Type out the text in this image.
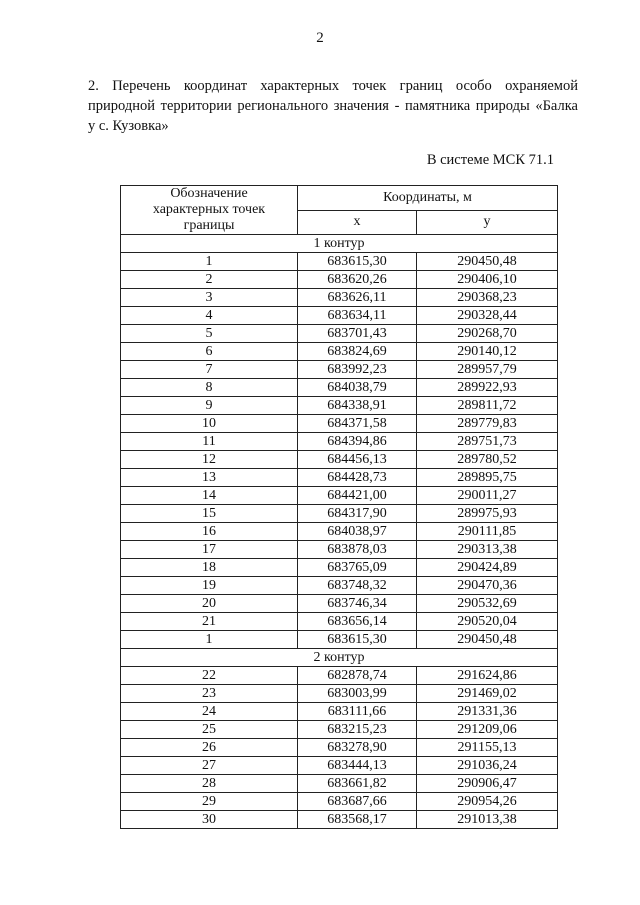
2
2. Перечень координат характерных точек границ особо охраняемой
природной территории регионального значения - памятника природы «Балка
у с. Кузовка»
В системе МСК 71.1
Обозначение
характерных точек
границы	Координаты, м	
	x	y
1 контур		
1	683615,30	290450,48
2	683620,26	290406,10
3	683626,11	290368,23
4	683634,11	290328,44
5	683701,43	290268,70
6	683824,69	290140,12
7	683992,23	289957,79
8	684038,79	289922,93
9	684338,91	289811,72
10	684371,58	289779,83
11	684394,86	289751,73
12	684456,13	289780,52
13	684428,73	289895,75
14	684421,00	290011,27
15	684317,90	289975,93
16	684038,97	290111,85
17	683878,03	290313,38
18	683765,09	290424,89
19	683748,32	290470,36
20	683746,34	290532,69
21	683656,14	290520,04
1	683615,30	290450,48
2 контур		
22	682878,74	291624,86
23	683003,99	291469,02
24	683111,66	291331,36
25	683215,23	291209,06
26	683278,90	291155,13
27	683444,13	291036,24
28	683661,82	290906,47
29	683687,66	290954,26
30	683568,17	291013,38
